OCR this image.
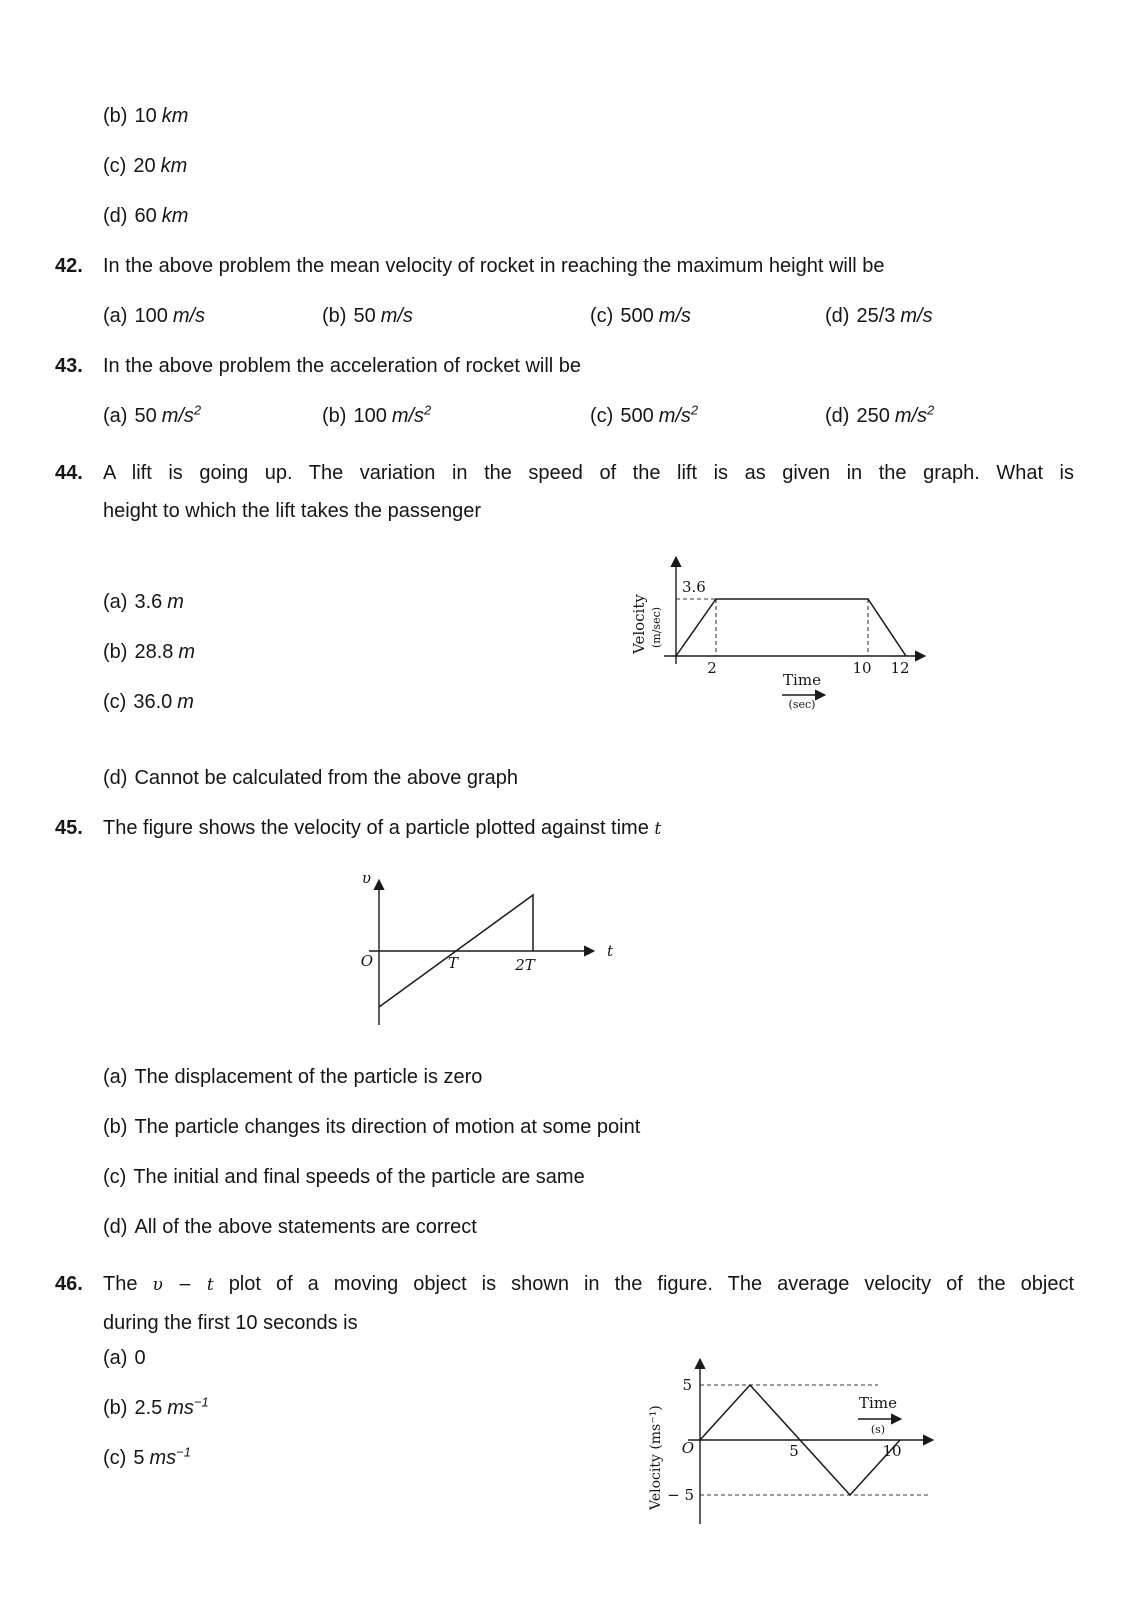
(b) 10 km
(c) 20 km
(d) 60 km
42.	In the above problem the mean velocity of rocket in reaching the maximum height will be
(a) 100 m/s	(b) 50 m/s	(c) 500 m/s	(d) 25/3 m/s
43.	In the above problem the acceleration of rocket will be
(a) 50 $m/s^2$	(b) 100 $m/s^2$	(c) 500 $m/s^2$	(d) 250 $m/s^2$
44.	A lift is going up. The variation in the speed of the lift is as given in the graph. What is
height to which the lift takes the passenger
(a) 3.6 m
(b) 28.8 m
(c) 36.0 m
3.6
2	10 12
Time
(sec)
Velocity (m/sec)
(d) Cannot be calculated from the above graph
45.	The figure shows the velocity of a particle plotted against time t
υ
t
O	T	2T
(a) The displacement of the particle is zero
(b) The particle changes its direction of motion at some point
(c) The initial and final speeds of the particle are same
(d) All of the above statements are correct
46.	The υ − t plot of a moving object is shown in the figure. The average velocity of the object
during the first 10 seconds is
(a) 0
(b) 2.5 $ms^{-1}$
(c) 5 $ms^{-1}$
5
O
− 5
5	10
Time
(s)
Velocity (ms⁻¹)
